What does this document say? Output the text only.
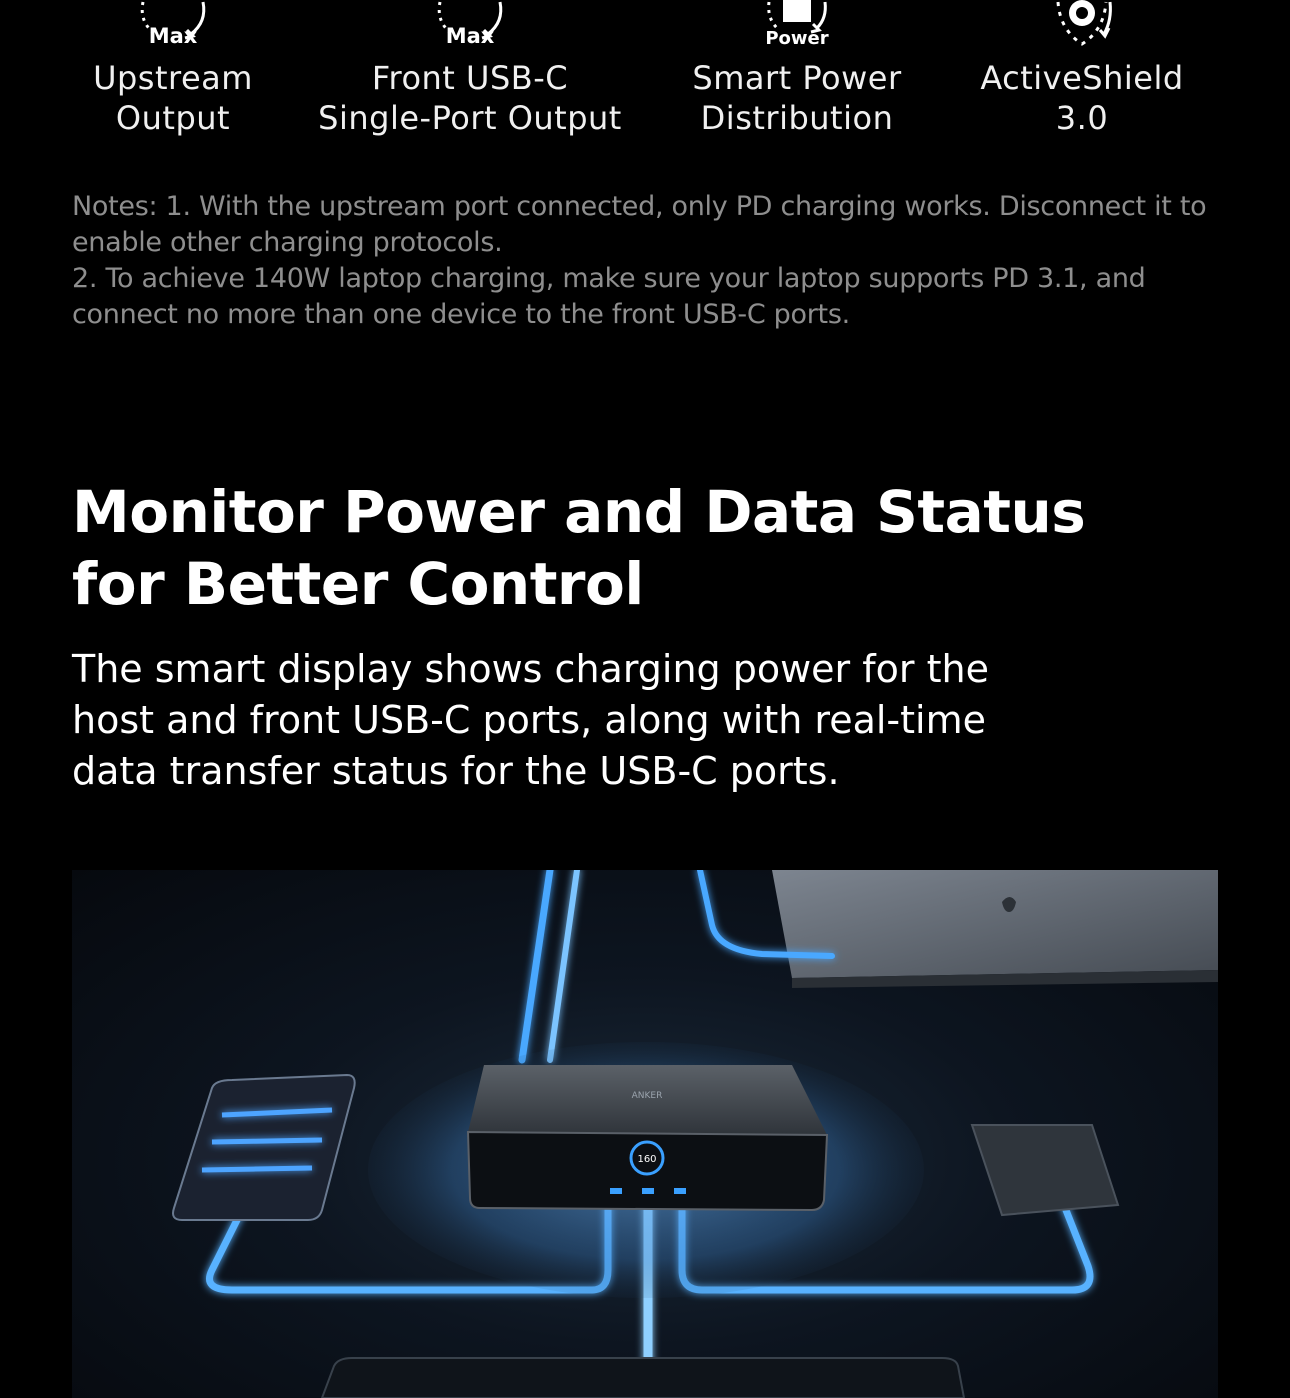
Max
Upstream
Output
Max
Front USB-C
Single-Port Output
Power
Smart Power
Distribution
ActiveShield
3.0

Notes: 1. With the upstream port connected, only PD charging works. Disconnect it to enable other charging protocols.

2. To achieve 140W laptop charging, make sure your laptop supports PD 3.1, and connect no more than one device to the front USB-C ports.

Monitor Power and Data Status for Better Control

The smart display shows charging power for the host and front USB-C ports, along with real-time data transfer status for the USB-C ports.

ANKER
160
